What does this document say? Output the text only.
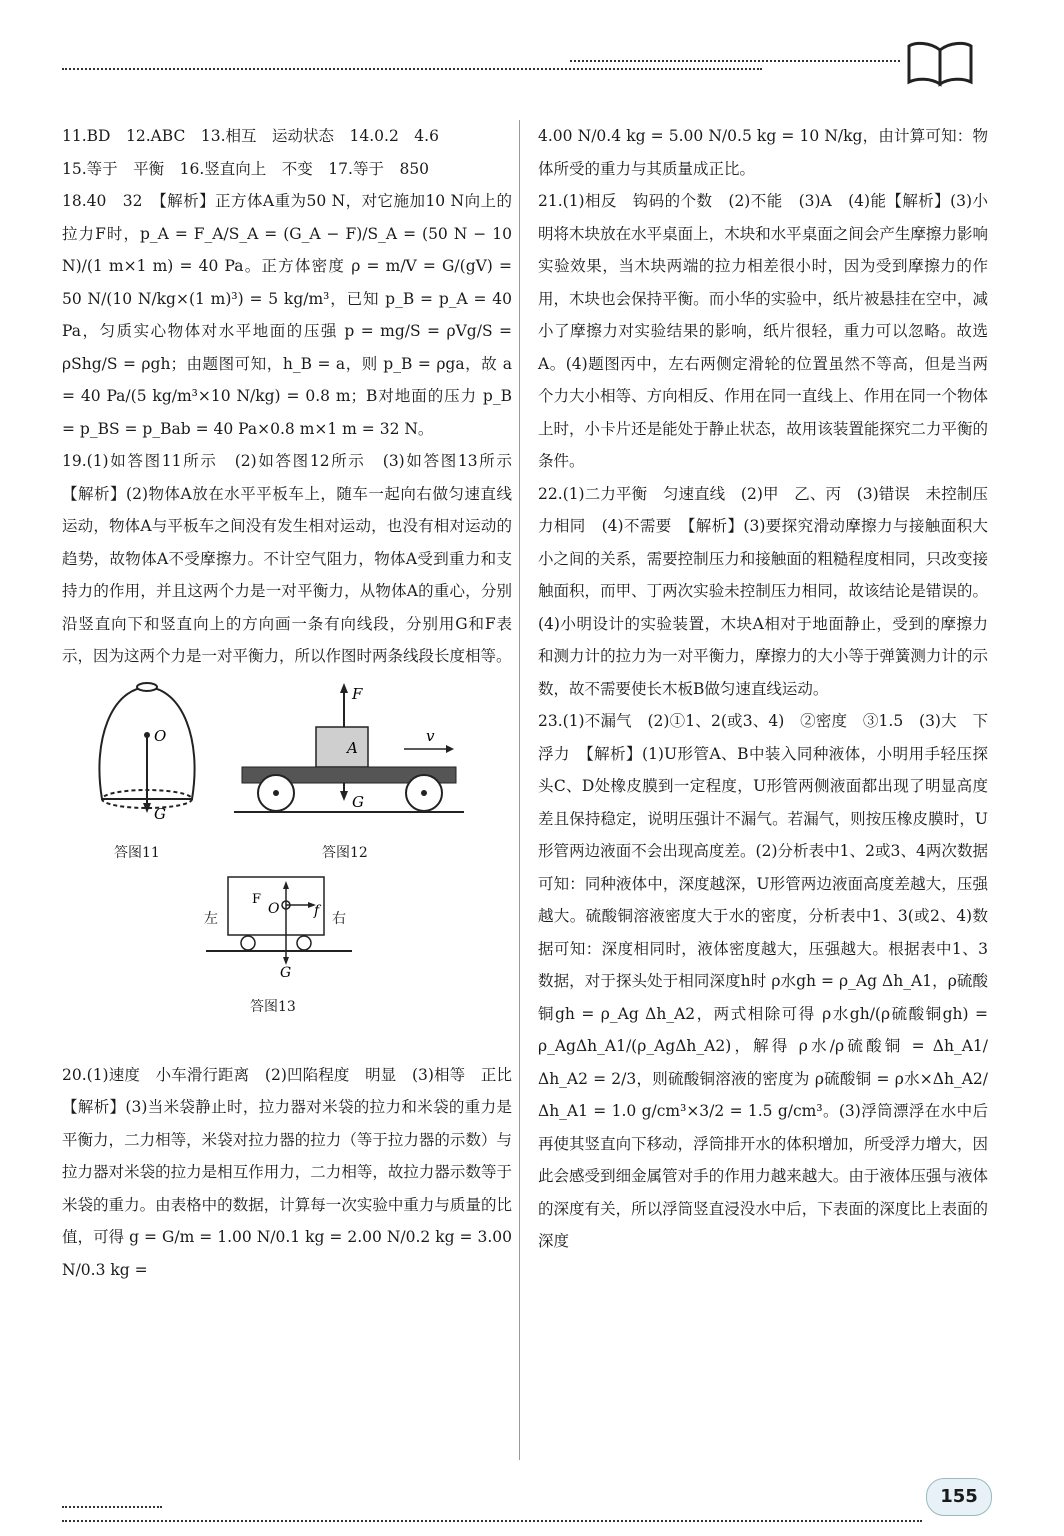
11.BD　12.ABC　13.相互　运动状态　14.0.2　4.6

15.等于　平衡　16.竖直向上　不变　17.等于　850

18.40　32　【解析】正方体A重为50 N，对它施加10 N向上的拉力F时，p_A = F_A/S_A = (G_A − F)/S_A = (50 N − 10 N)/(1 m×1 m) = 40 Pa。正方体密度 ρ = m/V = G/(gV) = 50 N/(10 N/kg×(1 m)³) = 5 kg/m³，已知 p_B = p_A = 40 Pa，匀质实心物体对水平地面的压强 p = mg/S = ρVg/S = ρShg/S = ρgh；由题图可知，h_B = a，则 p_B = ρga，故 a = 40 Pa/(5 kg/m³×10 N/kg) = 0.8 m；B对地面的压力 p_B = p_BS = p_Bab = 40 Pa×0.8 m×1 m = 32 N。

19.(1)如答图11所示　(2)如答图12所示　(3)如答图13所示　【解析】(2)物体A放在水平平板车上，随车一起向右做匀速直线运动，物体A与平板车之间没有发生相对运动，也没有相对运动的趋势，故物体A不受摩擦力。不计空气阻力，物体A受到重力和支持力的作用，并且这两个力是一对平衡力，从物体A的重心，分别沿竖直向下和竖直向上的方向画一条有向线段，分别用G和F表示，因为这两个力是一对平衡力，所以作图时两条线段长度相等。

O
G
答图11
F
A
v
G
答图12
F
O f
G
左	右
答图13

20.(1)速度　小车滑行距离　(2)凹陷程度　明显　(3)相等　正比　【解析】(3)当米袋静止时，拉力器对米袋的拉力和米袋的重力是平衡力，二力相等，米袋对拉力器的拉力（等于拉力器的示数）与拉力器对米袋的拉力是相互作用力，二力相等，故拉力器示数等于米袋的重力。由表格中的数据，计算每一次实验中重力与质量的比值，可得 g = G/m = 1.00 N/0.1 kg = 2.00 N/0.2 kg = 3.00 N/0.3 kg =

4.00 N/0.4 kg = 5.00 N/0.5 kg = 10 N/kg，由计算可知：物体所受的重力与其质量成正比。

21.(1)相反　钩码的个数　(2)不能　(3)A　(4)能【解析】(3)小明将木块放在水平桌面上，木块和水平桌面之间会产生摩擦力影响实验效果，当木块两端的拉力相差很小时，因为受到摩擦力的作用，木块也会保持平衡。而小华的实验中，纸片被悬挂在空中，减小了摩擦力对实验结果的影响，纸片很轻，重力可以忽略。故选A。(4)题图丙中，左右两侧定滑轮的位置虽然不等高，但是当两个力大小相等、方向相反、作用在同一直线上、作用在同一个物体上时，小卡片还是能处于静止状态，故用该装置能探究二力平衡的条件。

22.(1)二力平衡　匀速直线　(2)甲　乙、丙　(3)错误　未控制压力相同　(4)不需要　【解析】(3)要探究滑动摩擦力与接触面积大小之间的关系，需要控制压力和接触面的粗糙程度相同，只改变接触面积，而甲、丁两次实验未控制压力相同，故该结论是错误的。(4)小明设计的实验装置，木块A相对于地面静止，受到的摩擦力和测力计的拉力为一对平衡力，摩擦力的大小等于弹簧测力计的示数，故不需要使长木板B做匀速直线运动。

23.(1)不漏气　(2)①1、2(或3、4)　②密度　③1.5　(3)大　下　浮力　【解析】(1)U形管A、B中装入同种液体，小明用手轻压探头C、D处橡皮膜到一定程度，U形管两侧液面都出现了明显高度差且保持稳定，说明压强计不漏气。若漏气，则按压橡皮膜时，U形管两边液面不会出现高度差。(2)分析表中1、2或3、4两次数据可知：同种液体中，深度越深，U形管两边液面高度差越大，压强越大。硫酸铜溶液密度大于水的密度，分析表中1、3(或2、4)数据可知：深度相同时，液体密度越大，压强越大。根据表中1、3数据，对于探头处于相同深度h时 ρ水gh = ρ_Ag Δh_A1，ρ硫酸铜gh = ρ_Ag Δh_A2，两式相除可得 ρ水gh/(ρ硫酸铜gh) = ρ_AgΔh_A1/(ρ_AgΔh_A2)，解得 ρ水/ρ硫酸铜 = Δh_A1/Δh_A2 = 2/3，则硫酸铜溶液的密度为 ρ硫酸铜 = ρ水×Δh_A2/Δh_A1 = 1.0 g/cm³×3/2 = 1.5 g/cm³。(3)浮筒漂浮在水中后再使其竖直向下移动，浮筒排开水的体积增加，所受浮力增大，因此会感受到细金属管对手的作用力越来越大。由于液体压强与液体的深度有关，所以浮筒竖直浸没水中后，下表面的深度比上表面的深度

155
